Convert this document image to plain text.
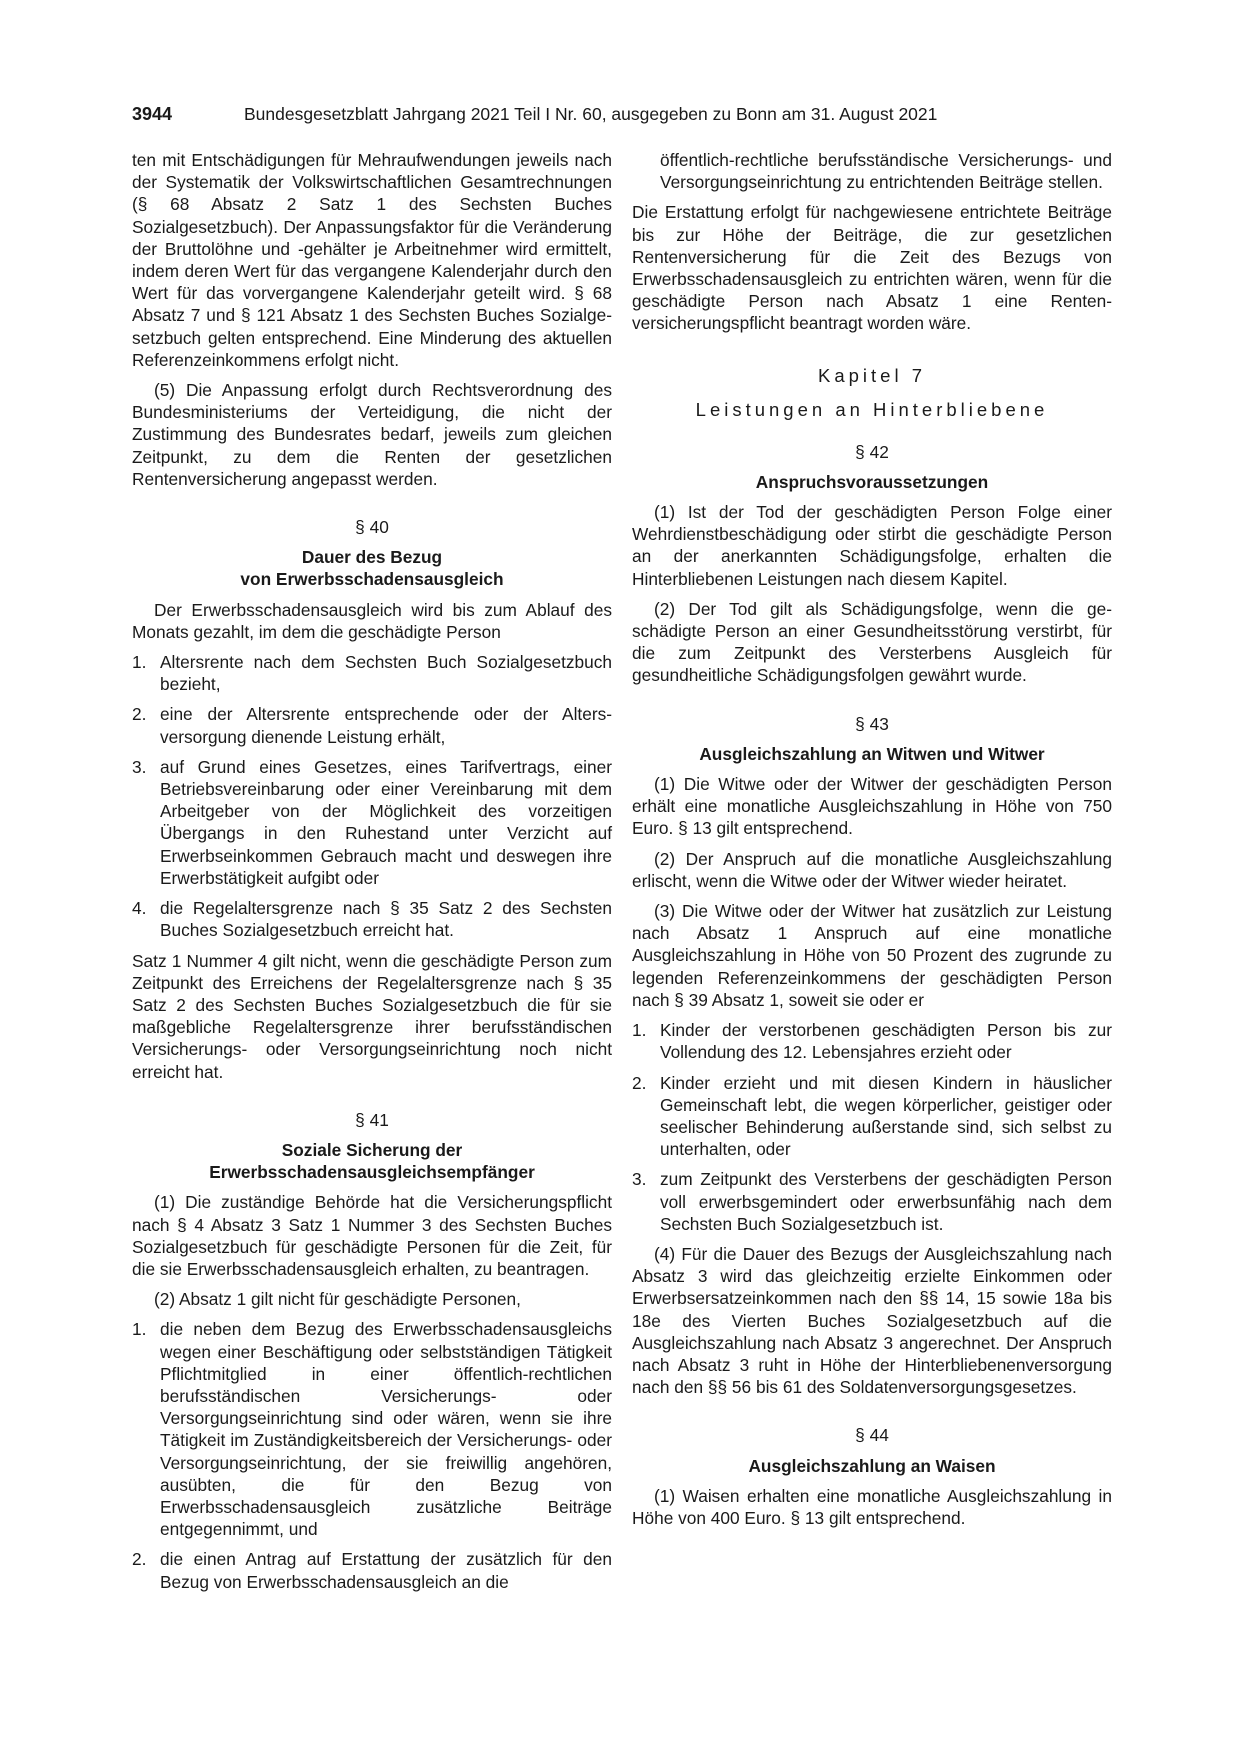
3944	Bundesgesetzblatt Jahrgang 2021 Teil I Nr. 60, ausgegeben zu Bonn am 31. August 2021

ten mit Entschädigungen für Mehraufwendungen jeweils nach der Systematik der Volkswirtschaftlichen Gesamtrechnungen (§ 68 Absatz 2 Satz 1 des Sechsten Buches Sozialgesetzbuch). Der Anpassungsfaktor für die Veränderung der Bruttolöhne und -gehälter je Arbeitnehmer wird ermittelt, indem deren Wert für das vergangene Kalenderjahr durch den Wert für das vorvergangene Kalenderjahr geteilt wird. § 68 Absatz 7 und § 121 Absatz 1 des Sechsten Buches Sozialgesetzbuch gelten entsprechend. Eine Minderung des aktuellen Referenzeinkommens erfolgt nicht.

(5) Die Anpassung erfolgt durch Rechtsverordnung des Bundesministeriums der Verteidigung, die nicht der Zustimmung des Bundesrates bedarf, jeweils zum gleichen Zeitpunkt, zu dem die Renten der gesetzlichen Rentenversicherung angepasst werden.

§ 40
Dauer des Bezug
von Erwerbsschadensausgleich

Der Erwerbsschadensausgleich wird bis zum Ablauf des Monats gezahlt, im dem die geschädigte Person

1. Altersrente nach dem Sechsten Buch Sozialgesetzbuch bezieht,
2. eine der Altersrente entsprechende oder der Altersversorgung dienende Leistung erhält,
3. auf Grund eines Gesetzes, eines Tarifvertrags, einer Betriebsvereinbarung oder einer Vereinbarung mit dem Arbeitgeber von der Möglichkeit des vorzeitigen Übergangs in den Ruhestand unter Verzicht auf Erwerbseinkommen Gebrauch macht und deswegen ihre Erwerbstätigkeit aufgibt oder
4. die Regelaltersgrenze nach § 35 Satz 2 des Sechsten Buches Sozialgesetzbuch erreicht hat.

Satz 1 Nummer 4 gilt nicht, wenn die geschädigte Person zum Zeitpunkt des Erreichens der Regelaltersgrenze nach § 35 Satz 2 des Sechsten Buches Sozialgesetzbuch die für sie maßgebliche Regelaltersgrenze ihrer berufsständischen Versicherungs- oder Versorgungseinrichtung noch nicht erreicht hat.

§ 41
Soziale Sicherung der
Erwerbsschadensausgleichsempfänger

(1) Die zuständige Behörde hat die Versicherungspflicht nach § 4 Absatz 3 Satz 1 Nummer 3 des Sechsten Buches Sozialgesetzbuch für geschädigte Personen für die Zeit, für die sie Erwerbsschadensausgleich erhalten, zu beantragen.

(2) Absatz 1 gilt nicht für geschädigte Personen,

1. die neben dem Bezug des Erwerbsschadensausgleichs wegen einer Beschäftigung oder selbstständigen Tätigkeit Pflichtmitglied in einer öffentlich-rechtlichen berufsständischen Versicherungs- oder Versorgungseinrichtung sind oder wären, wenn sie ihre Tätigkeit im Zuständigkeitsbereich der Versicherungs- oder Versorgungseinrichtung, der sie freiwillig angehören, ausübten, die für den Bezug von Erwerbsschadensausgleich zusätzliche Beiträge entgegennimmt, und
2. die einen Antrag auf Erstattung der zusätzlich für den Bezug von Erwerbsschadensausgleich an die

öffentlich-rechtliche berufsständische Versicherungs- und Versorgungseinrichtung zu entrichtenden Beiträge stellen.

Die Erstattung erfolgt für nachgewiesene entrichtete Beiträge bis zur Höhe der Beiträge, die zur gesetzlichen Rentenversicherung für die Zeit des Bezugs von Erwerbsschadensausgleich zu entrichten wären, wenn für die geschädigte Person nach Absatz 1 eine Rentenversicherungspflicht beantragt worden wäre.

Kapitel 7
Leistungen an Hinterbliebene
§ 42
Anspruchsvoraussetzungen

(1) Ist der Tod der geschädigten Person Folge einer Wehrdienstbeschädigung oder stirbt die geschädigte Person an der anerkannten Schädigungsfolge, erhalten die Hinterbliebenen Leistungen nach diesem Kapitel.

(2) Der Tod gilt als Schädigungsfolge, wenn die geschädigte Person an einer Gesundheitsstörung verstirbt, für die zum Zeitpunkt des Versterbens Ausgleich für gesundheitliche Schädigungsfolgen gewährt wurde.

§ 43
Ausgleichszahlung an Witwen und Witwer

(1) Die Witwe oder der Witwer der geschädigten Person erhält eine monatliche Ausgleichszahlung in Höhe von 750 Euro. § 13 gilt entsprechend.

(2) Der Anspruch auf die monatliche Ausgleichszahlung erlischt, wenn die Witwe oder der Witwer wieder heiratet.

(3) Die Witwe oder der Witwer hat zusätzlich zur Leistung nach Absatz 1 Anspruch auf eine monatliche Ausgleichszahlung in Höhe von 50 Prozent des zugrunde zu legenden Referenzeinkommens der geschädigten Person nach § 39 Absatz 1, soweit sie oder er

1. Kinder der verstorbenen geschädigten Person bis zur Vollendung des 12. Lebensjahres erzieht oder
2. Kinder erzieht und mit diesen Kindern in häuslicher Gemeinschaft lebt, die wegen körperlicher, geistiger oder seelischer Behinderung außerstande sind, sich selbst zu unterhalten, oder
3. zum Zeitpunkt des Versterbens der geschädigten Person voll erwerbsgemindert oder erwerbsunfähig nach dem Sechsten Buch Sozialgesetzbuch ist.

(4) Für die Dauer des Bezugs der Ausgleichszahlung nach Absatz 3 wird das gleichzeitig erzielte Einkommen oder Erwerbsersatzeinkommen nach den §§ 14, 15 sowie 18a bis 18e des Vierten Buches Sozialgesetzbuch auf die Ausgleichszahlung nach Absatz 3 angerechnet. Der Anspruch nach Absatz 3 ruht in Höhe der Hinterbliebenenversorgung nach den §§ 56 bis 61 des Soldatenversorgungsgesetzes.

§ 44
Ausgleichszahlung an Waisen

(1) Waisen erhalten eine monatliche Ausgleichszahlung in Höhe von 400 Euro. § 13 gilt entsprechend.
